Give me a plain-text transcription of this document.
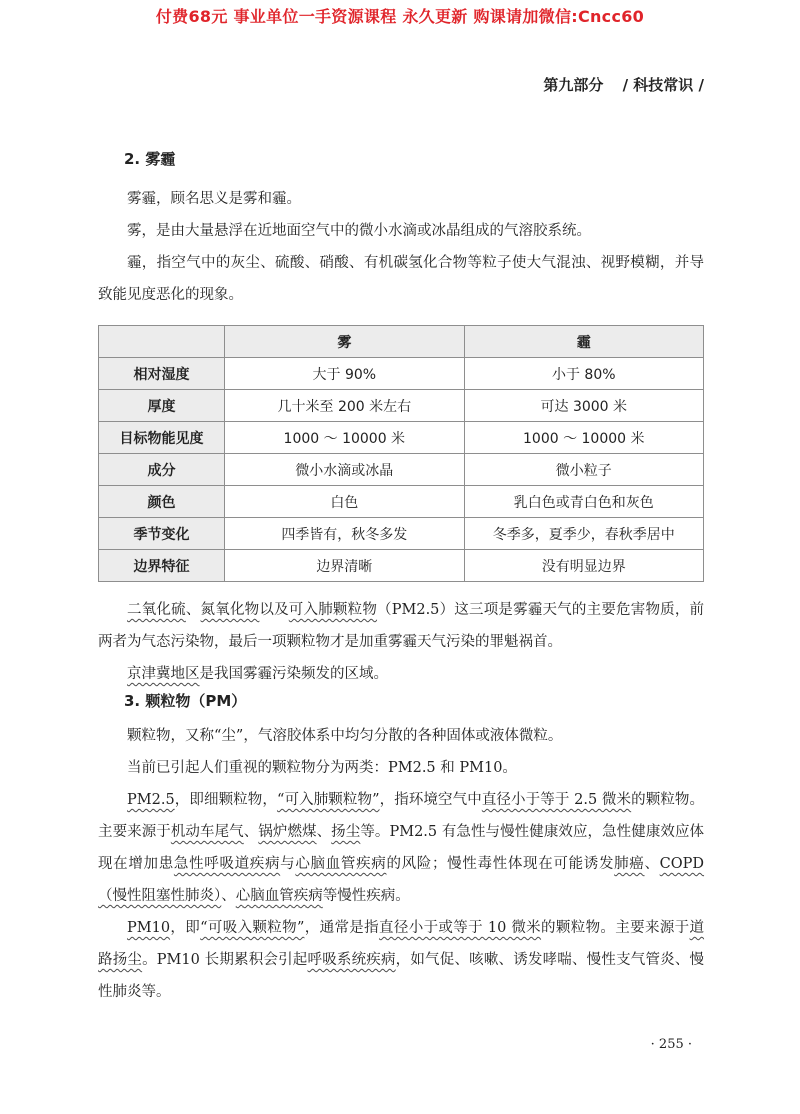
付费68元 事业单位一手资源课程 永久更新 购课请加微信:Cncc60
第九部分 / 科技常识 /
2. 雾霾

雾霾，顾名思义是雾和霾。

雾，是由大量悬浮在近地面空气中的微小水滴或冰晶组成的气溶胶系统。

霾，指空气中的灰尘、硫酸、硝酸、有机碳氢化合物等粒子使大气混浊、视野模糊，并导致能见度恶化的现象。

	雾	霾
相对湿度	大于 90%	小于 80%
厚度	几十米至 200 米左右	可达 3000 米
目标物能见度	1000 ～ 10000 米	1000 ～ 10000 米
成分	微小水滴或冰晶	微小粒子
颜色	白色	乳白色或青白色和灰色
季节变化	四季皆有，秋冬多发	冬季多，夏季少，春秋季居中
边界特征	边界清晰	没有明显边界

二氧化硫、氮氧化物以及可入肺颗粒物（PM2.5）这三项是雾霾天气的主要危害物质，前两者为气态污染物，最后一项颗粒物才是加重雾霾天气污染的罪魁祸首。

京津冀地区是我国雾霾污染频发的区域。

3. 颗粒物（PM）

颗粒物，又称“尘”，气溶胶体系中均匀分散的各种固体或液体微粒。

当前已引起人们重视的颗粒物分为两类：PM2.5 和 PM10。

PM2.5，即细颗粒物，“可入肺颗粒物”，指环境空气中直径小于等于 2.5 微米的颗粒物。主要来源于机动车尾气、锅炉燃煤、扬尘等。PM2.5 有急性与慢性健康效应，急性健康效应体现在增加患急性呼吸道疾病与心脑血管疾病的风险；慢性毒性体现在可能诱发肺癌、COPD（慢性阻塞性肺炎）、心脑血管疾病等慢性疾病。

PM10，即“可吸入颗粒物”，通常是指直径小于或等于 10 微米的颗粒物。主要来源于道路扬尘。PM10 长期累积会引起呼吸系统疾病，如气促、咳嗽、诱发哮喘、慢性支气管炎、慢性肺炎等。

· 255 ·
